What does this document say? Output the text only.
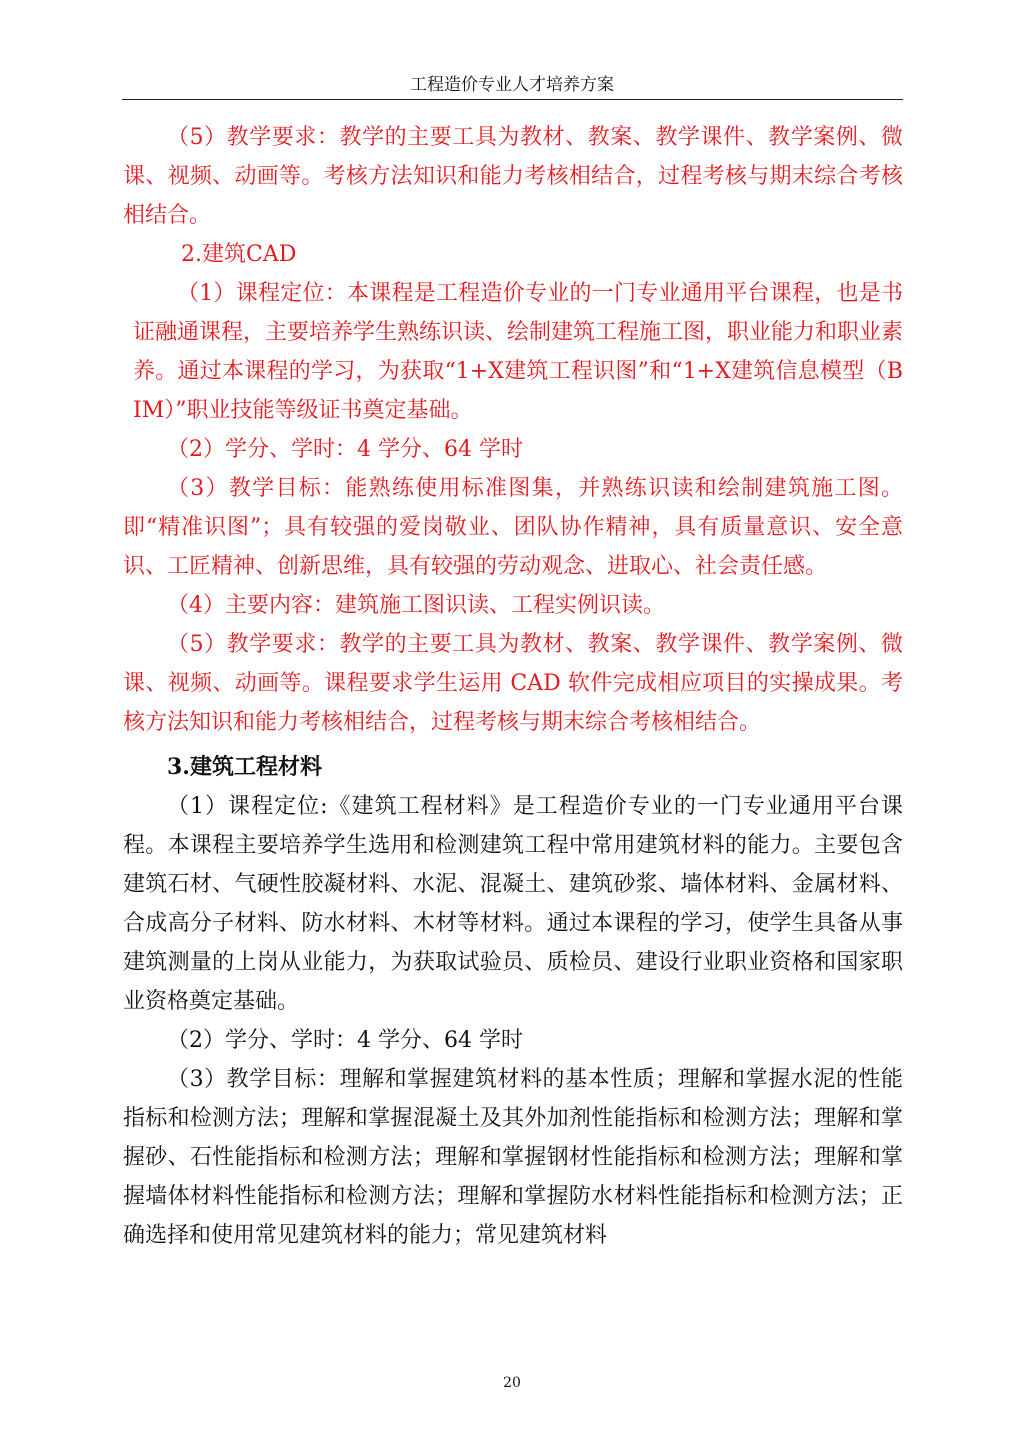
工程造价专业人才培养方案

（5）教学要求：教学的主要工具为教材、教案、教学课件、教学案例、微课、视频、动画等。考核方法知识和能力考核相结合，过程考核与期末综合考核相结合。

2.建筑CAD

（1）课程定位：本课程是工程造价专业的一门专业通用平台课程，也是书证融通课程，主要培养学生熟练识读、绘制建筑工程施工图，职业能力和职业素养。通过本课程的学习，为获取“1+X建筑工程识图”和“1+X建筑信息模型（BIM）”职业技能等级证书奠定基础。

（2）学分、学时：4 学分、64 学时

（3）教学目标：能熟练使用标准图集，并熟练识读和绘制建筑施工图。即“精准识图”；具有较强的爱岗敬业、团队协作精神，具有质量意识、安全意识、工匠精神、创新思维，具有较强的劳动观念、进取心、社会责任感。

（4）主要内容：建筑施工图识读、工程实例识读。

（5）教学要求：教学的主要工具为教材、教案、教学课件、教学案例、微课、视频、动画等。课程要求学生运用 CAD 软件完成相应项目的实操成果。考核方法知识和能力考核相结合，过程考核与期末综合考核相结合。

3.建筑工程材料

（1）课程定位:《建筑工程材料》是工程造价专业的一门专业通用平台课程。本课程主要培养学生选用和检测建筑工程中常用建筑材料的能力。主要包含建筑石材、气硬性胶凝材料、水泥、混凝土、建筑砂浆、墙体材料、金属材料、合成高分子材料、防水材料、木材等材料。通过本课程的学习，使学生具备从事建筑测量的上岗从业能力，为获取试验员、质检员、建设行业职业资格和国家职业资格奠定基础。

（2）学分、学时：4 学分、64 学时

（3）教学目标：理解和掌握建筑材料的基本性质；理解和掌握水泥的性能指标和检测方法；理解和掌握混凝土及其外加剂性能指标和检测方法；理解和掌握砂、石性能指标和检测方法；理解和掌握钢材性能指标和检测方法；理解和掌握墙体材料性能指标和检测方法；理解和掌握防水材料性能指标和检测方法；正确选择和使用常见建筑材料的能力；常见建筑材料

20
